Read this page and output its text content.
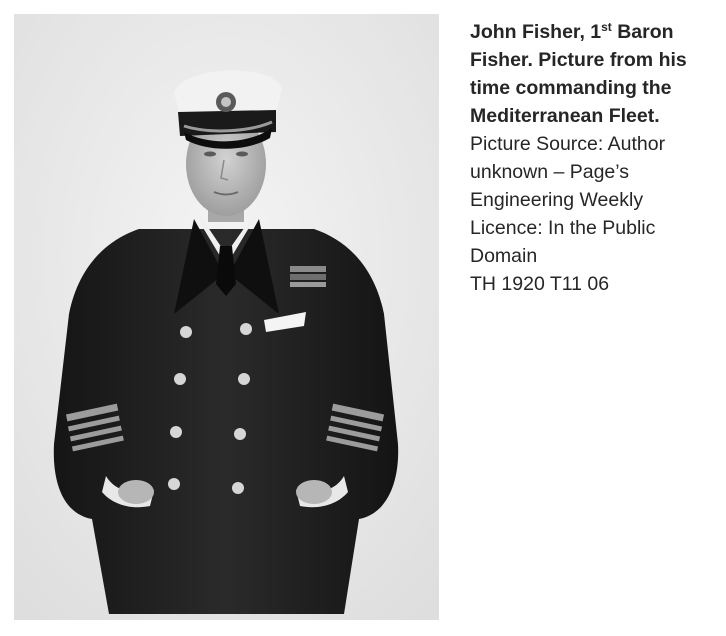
John Fisher, 1st Baron
Fisher. Picture from his
time commanding the
Mediterranean Fleet.
Picture Source: Author
unknown – Page’s
Engineering Weekly
Licence: In the Public
Domain
TH 1920 T11 06
